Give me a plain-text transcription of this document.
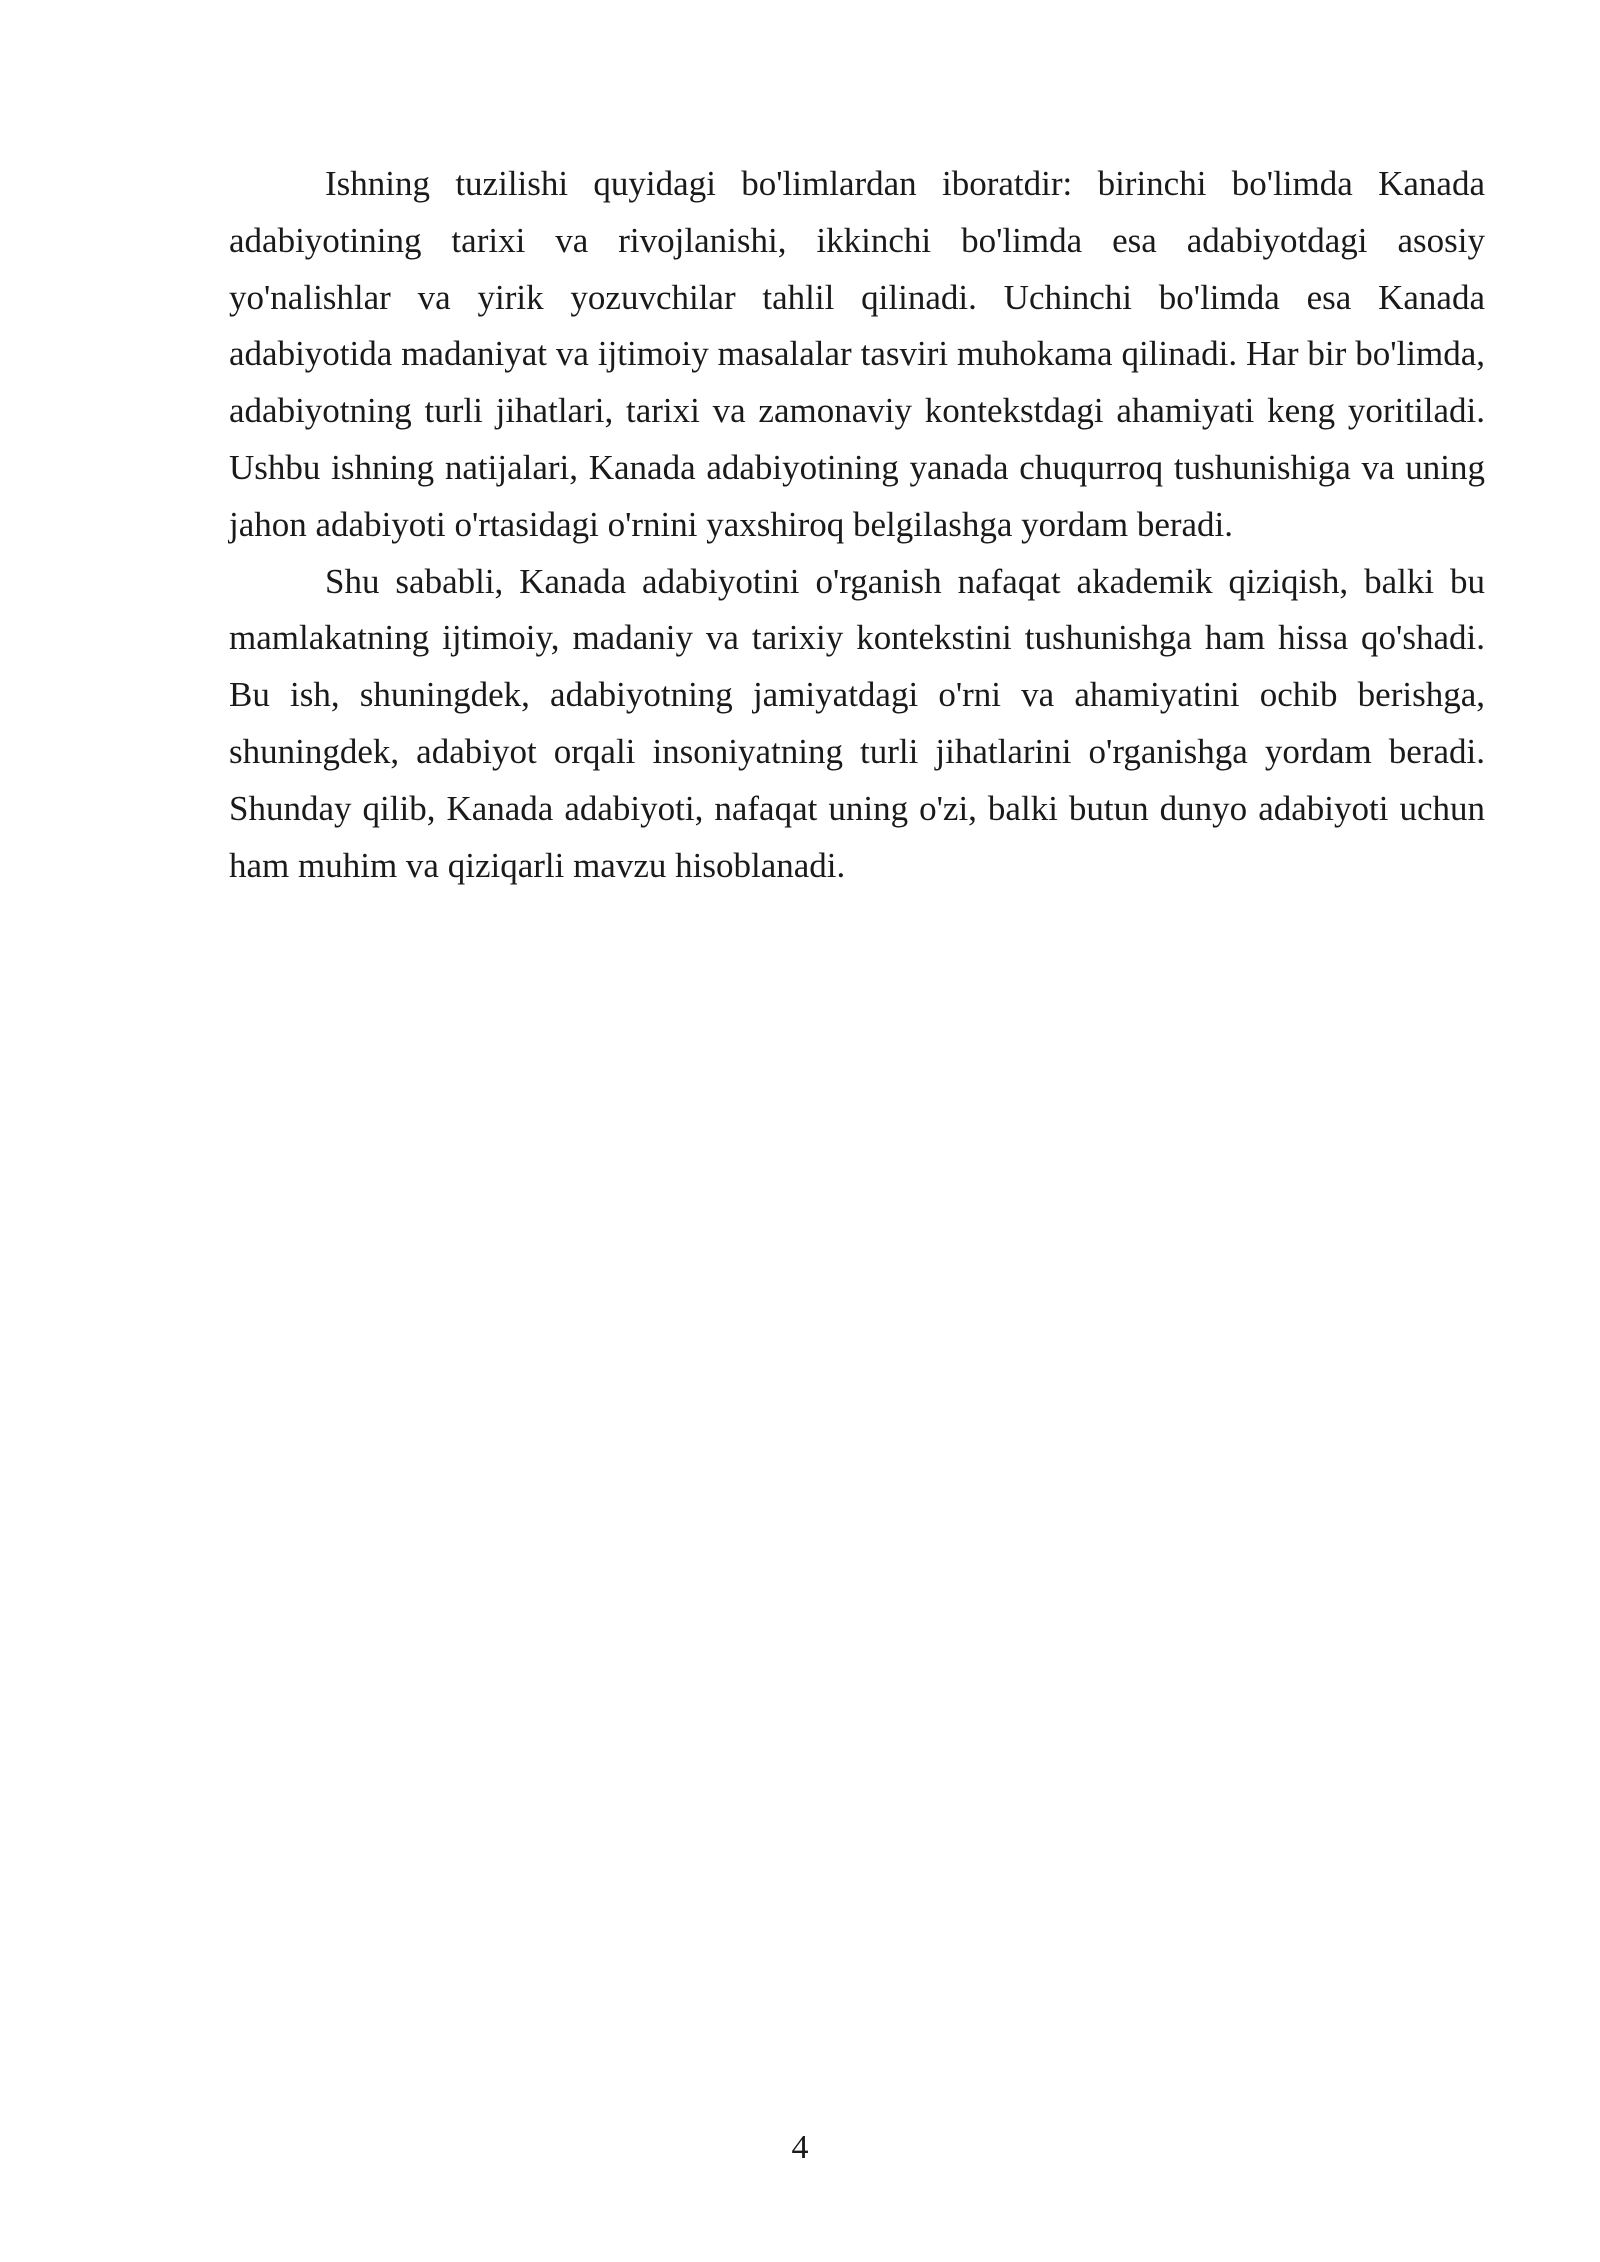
Ishning tuzilishi quyidagi bo'limlardan iboratdir: birinchi bo'limda Kanada adabiyotining tarixi va rivojlanishi, ikkinchi bo'limda esa adabiyotdagi asosiy yo'nalishlar va yirik yozuvchilar tahlil qilinadi. Uchinchi bo'limda esa Kanada adabiyotida madaniyat va ijtimoiy masalalar tasviri muhokama qilinadi. Har bir bo'limda, adabiyotning turli jihatlari, tarixi va zamonaviy kontekstdagi ahamiyati keng yoritiladi. Ushbu ishning natijalari, Kanada adabiyotining yanada chuqurroq tushunishiga va uning jahon adabiyoti o'rtasidagi o'rnini yaxshiroq belgilashga yordam beradi.

Shu sababli, Kanada adabiyotini o'rganish nafaqat akademik qiziqish, balki bu mamlakatning ijtimoiy, madaniy va tarixiy kontekstini tushunishga ham hissa qo'shadi. Bu ish, shuningdek, adabiyotning jamiyatdagi o'rni va ahamiyatini ochib berishga, shuningdek, adabiyot orqali insoniyatning turli jihatlarini o'rganishga yordam beradi. Shunday qilib, Kanada adabiyoti, nafaqat uning o'zi, balki butun dunyo adabiyoti uchun ham muhim va qiziqarli mavzu hisoblanadi.

4
